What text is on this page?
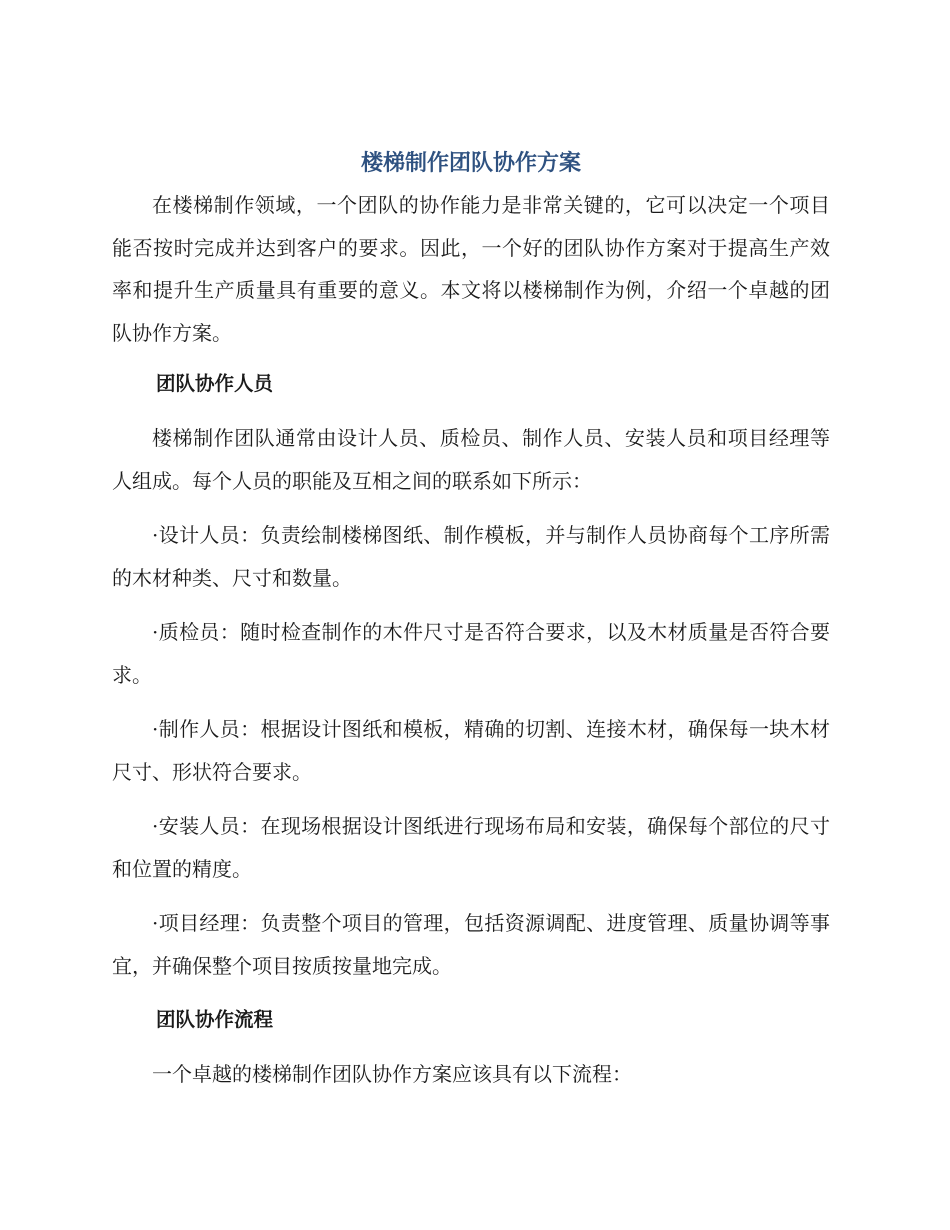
楼梯制作团队协作方案

在楼梯制作领域，一个团队的协作能力是非常关键的，它可以决定一个项目能否按时完成并达到客户的要求。因此，一个好的团队协作方案对于提高生产效率和提升生产质量具有重要的意义。本文将以楼梯制作为例，介绍一个卓越的团队协作方案。

团队协作人员

楼梯制作团队通常由设计人员、质检员、制作人员、安装人员和项目经理等人组成。每个人员的职能及互相之间的联系如下所示：

·设计人员：负责绘制楼梯图纸、制作模板，并与制作人员协商每个工序所需的木材种类、尺寸和数量。
·质检员：随时检查制作的木件尺寸是否符合要求，以及木材质量是否符合要求。
·制作人员：根据设计图纸和模板，精确的切割、连接木材，确保每一块木材尺寸、形状符合要求。
·安装人员：在现场根据设计图纸进行现场布局和安装，确保每个部位的尺寸和位置的精度。
·项目经理：负责整个项目的管理，包括资源调配、进度管理、质量协调等事宜，并确保整个项目按质按量地完成。
团队协作流程

一个卓越的楼梯制作团队协作方案应该具有以下流程：
